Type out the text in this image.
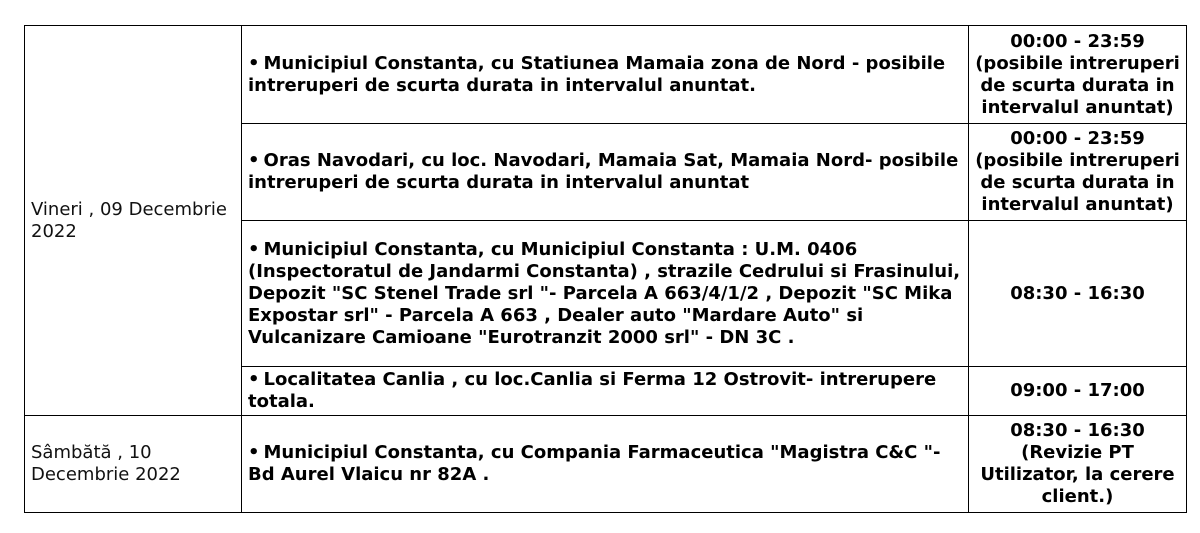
Vineri , 09 Decembrie 2022	• Municipiul Constanta, cu Statiunea Mamaia zona de Nord - posibile intreruperi de scurta durata in intervalul anuntat.	00:00 - 23:59 (posibile intreruperi de scurta durata in intervalul anuntat)
	• Oras Navodari, cu loc. Navodari, Mamaia Sat, Mamaia Nord- posibile intreruperi de scurta durata in intervalul anuntat	00:00 - 23:59 (posibile intreruperi de scurta durata in intervalul anuntat)
	• Municipiul Constanta, cu Municipiul Constanta : U.M. 0406 (Inspectoratul de Jandarmi Constanta) , strazile Cedrului si Frasinului, Depozit "SC Stenel Trade srl "- Parcela A 663/4/1/2 , Depozit "SC Mika Expostar srl" - Parcela A 663 , Dealer auto "Mardare Auto" si Vulcanizare Camioane "Eurotranzit 2000 srl" - DN 3C .	08:30 - 16:30
	• Localitatea Canlia , cu loc.Canlia si Ferma 12 Ostrovit- intrerupere totala.	09:00 - 17:00
Sâmbătă , 10 Decembrie 2022	• Municipiul Constanta, cu Compania Farmaceutica "Magistra C&C "- Bd Aurel Vlaicu nr 82A .	08:30 - 16:30 (Revizie PT Utilizator, la cerere client.)
